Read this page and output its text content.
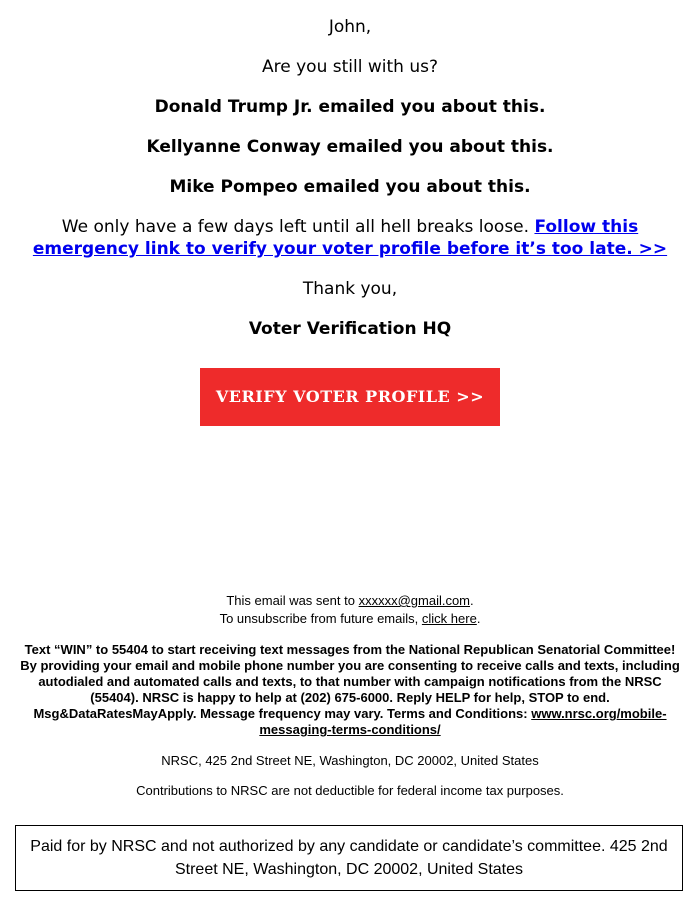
John,

Are you still with us?

Donald Trump Jr. emailed you about this.

Kellyanne Conway emailed you about this.

Mike Pompeo emailed you about this.

We only have a few days left until all hell breaks loose. Follow this emergency link to verify your voter profile before it’s too late. >>

Thank you,

Voter Verification HQ

VERIFY VOTER PROFILE >>
This email was sent to xxxxxx@gmail.com.
To unsubscribe from future emails, click here.
Text “WIN” to 55404 to start receiving text messages from the National Republican Senatorial Committee! By providing your email and mobile phone number you are consenting to receive calls and texts, including autodialed and automated calls and texts, to that number with campaign notifications from the NRSC (55404). NRSC is happy to help at (202) 675-6000. Reply HELP for help, STOP to end. Msg&DataRatesMayApply. Message frequency may vary. Terms and Conditions: www.nrsc.org/mobile-messaging-terms-conditions/
NRSC, 425 2nd Street NE, Washington, DC 20002, United States
Contributions to NRSC are not deductible for federal income tax purposes.
Paid for by NRSC and not authorized by any candidate or candidate’s committee. 425 2nd Street NE, Washington, DC 20002, United States
